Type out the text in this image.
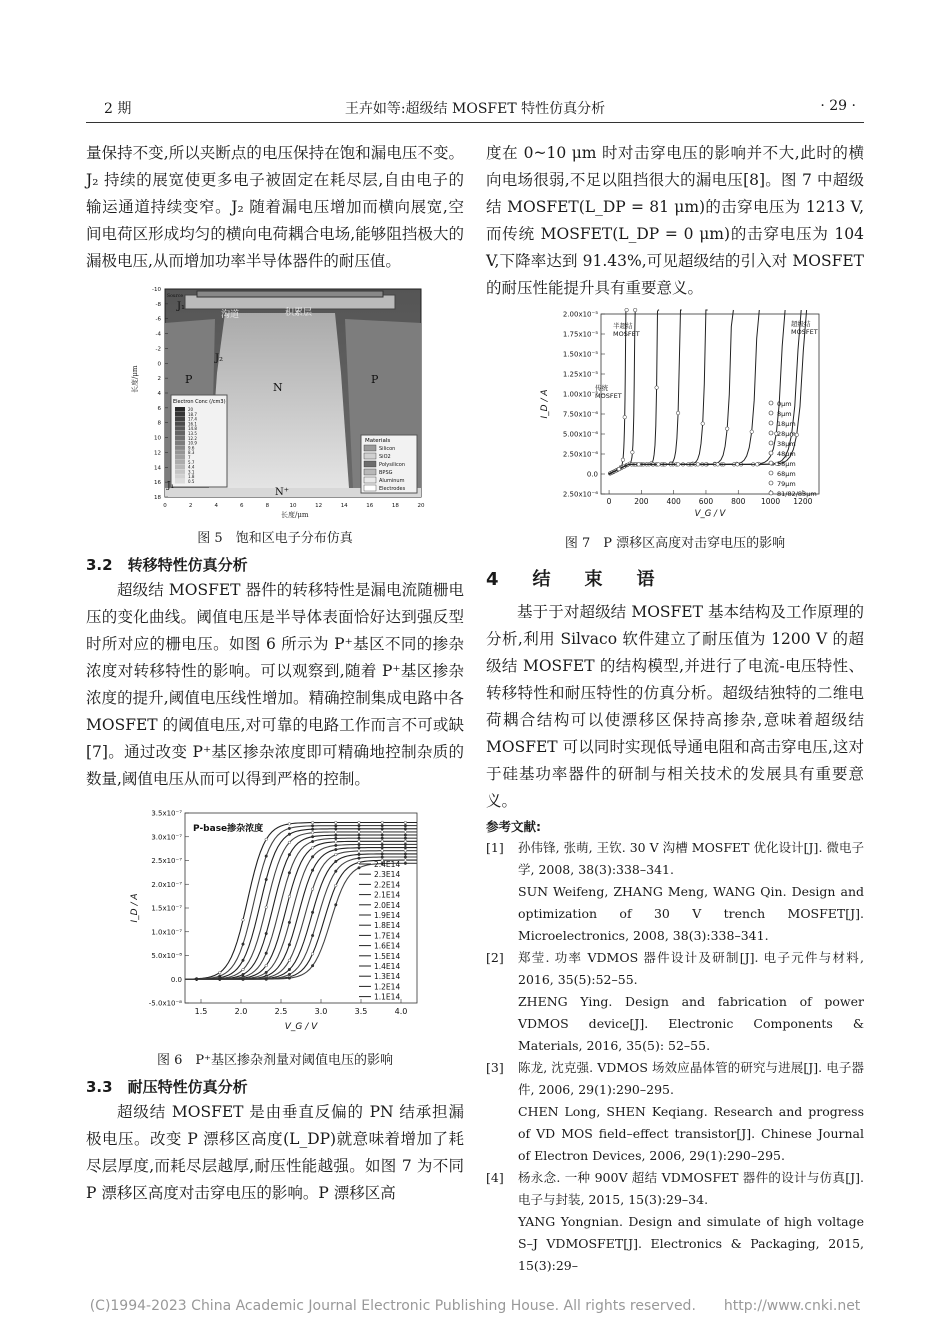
2 期	王卉如等:超级结 MOSFET 特性仿真分析	· 29 ·

量保持不变,所以夹断点的电压保持在饱和漏电压不变。J₂ 持续的展宽使更多电子被固定在耗尽层,自由电子的输运通道持续变窄。J₂ 随着漏电压增加而横向展宽,空间电荷区形成均匀的横向电荷耦合电场,能够阻挡极大的漏极电压,从而增加功率半导体器件的耐压值。

Electron Conc (/cm3)
20
18.7
17.4
16.1
14.8
13.5
12.2
10.9
9.6
8.3
7
5.7
4.4
3.1
1.8
0.5
Materials
Silicon
SiO2
Polysilicon
BPSG
Aluminum
Electrodes
J₁
沟道	积累层
J₂
P
N
P
N⁺
Source
J₁
-10
-8
-6
-4
-2
0
2
4
6
8
10
12
14
16
18
0	2	4	6	8	10	12	14	16	18	20
长度/μm
长度/μm
图 5　饱和区电子分布仿真
3.2　转移特性仿真分析

超级结 MOSFET 器件的转移特性是漏电流随栅电压的变化曲线。阈值电压是半导体表面恰好达到强反型时所对应的栅电压。如图 6 所示为 P⁺基区不同的掺杂浓度对转移特性的影响。可以观察到,随着 P⁺基区掺杂浓度的提升,阈值电压线性增加。精确控制集成电路中各 MOSFET 的阈值电压,对可靠的电路工作而言不可或缺[7]。通过改变 P⁺基区掺杂浓度即可精确地控制杂质的数量,阈值电压从而可以得到严格的控制。

3.5x10⁻⁷
3.0x10⁻⁷
2.5x10⁻⁷
2.0x10⁻⁷
1.5x10⁻⁷
1.0x10⁻⁷
5.0x10⁻⁸
0.0
-5.0x10⁻⁸
1.5	2.0	2.5	3.0	3.5	4.0
V_G / V
I_D / A
P-base掺杂浓度
2.4E14
2.3E14
2.2E14
2.1E14
2.0E14
1.9E14
1.8E14
1.7E14
1.6E14
1.5E14
1.4E14
1.3E14
1.2E14
1.1E14
图 6　P⁺基区掺杂剂量对阈值电压的影响
3.3　耐压特性仿真分析

超级结 MOSFET 是由垂直反偏的 PN 结承担漏极电压。改变 P 漂移区高度(L_DP)就意味着增加了耗尽层厚度,而耗尽层越厚,耐压性能越强。如图 7 为不同 P 漂移区高度对击穿电压的影响。P 漂移区高

度在 0~10 μm 时对击穿电压的影响并不大,此时的横向电场很弱,不足以阻挡很大的漏电压[8]。图 7 中超级结 MOSFET(L_DP = 81 μm)的击穿电压为 1213 V,而传统 MOSFET(L_DP = 0 μm)的击穿电压为 104 V,下降率达到 91.43%,可见超级结的引入对 MOSFET 的耐压性能提升具有重要意义。

2.00x10⁻⁵
1.75x10⁻⁵
1.50x10⁻⁵
1.25x10⁻⁵
1.00x10⁻⁵
7.50x10⁻⁶
5.00x10⁻⁶
2.50x10⁻⁶
0.0
2.50x10⁻⁶
0	200 400 600 800 1000 1200
V_G / V
I_D / A
传统
MOSFET
半超结
MOSFET
超级结
MOSFET
0μm
8μm
18μm
28μm
38μm
48μm
58μm
68μm
79μm
81/82/83μm
图 7　P 漂移区高度对击穿电压的影响
4　结　束　语

基于于对超级结 MOSFET 基本结构及工作原理的分析,利用 Silvaco 软件建立了耐压值为 1200 V 的超级结 MOSFET 的结构模型,并进行了电流-电压特性、转移特性和耐压特性的仿真分析。超级结独特的二维电荷耦合结构可以使漂移区保持高掺杂,意味着超级结 MOSFET 可以同时实现低导通电阻和高击穿电压,这对于硅基功率器件的研制与相关技术的发展具有重要意义。

参考文献:
[1]	孙伟锋, 张萌, 王钦. 30 V 沟槽 MOSFET 优化设计[J]. 微电子学, 2008, 38(3):338–341.
SUN Weifeng, ZHANG Meng, WANG Qin. Design and optimization of 30 V trench MOSFET[J]. Microelectronics, 2008, 38(3):338–341.
[2]	郑莹. 功率 VDMOS 器件设计及研制[J]. 电子元件与材料, 2016, 35(5):52–55.
ZHENG Ying. Design and fabrication of power VDMOS device[J]. Electronic Components & Materials, 2016, 35(5): 52–55.
[3]	陈龙, 沈克强. VDMOS 场效应晶体管的研究与进展[J]. 电子器件, 2006, 29(1):290–295.
CHEN Long, SHEN Keqiang. Research and progress of VD MOS field–effect transistor[J]. Chinese Journal of Electron Devices, 2006, 29(1):290–295.
[4]	杨永念. 一种 900V 超结 VDMOSFET 器件的设计与仿真[J]. 电子与封装, 2015, 15(3):29–34.
YANG Yongnian. Design and simulate of high voltage S–J VDMOSFET[J]. Electronics & Packaging, 2015, 15(3):29–
(C)1994-2023 China Academic Journal Electronic Publishing House. All rights reserved.　　http://www.cnki.net
